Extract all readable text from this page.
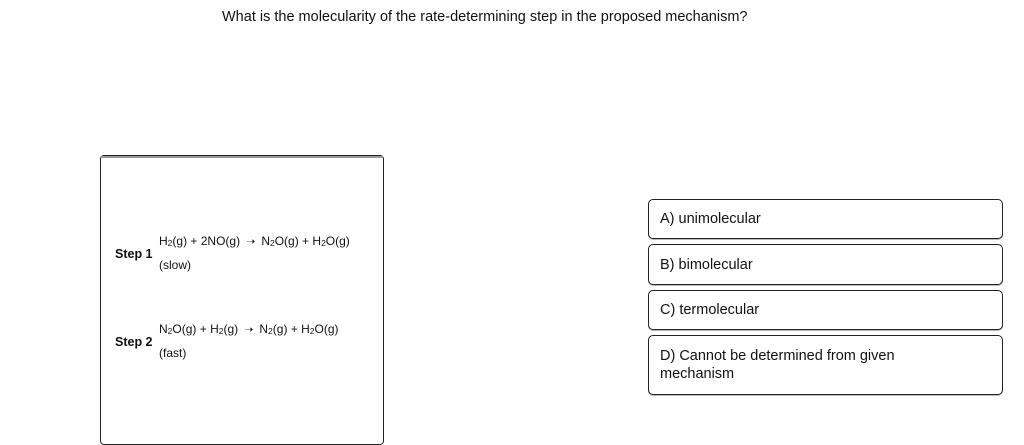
What is the molecularity of the rate-determining step in the proposed mechanism?
Step 1
$H_2(g) + 2NO(g)$ ➝ $N_2O(g) + H_2O(g)$
(slow)
Step 2
$N_2O(g) + H_2(g)$ ➝ $N_2(g) + H_2O(g)$
(fast)
A) unimolecular
B) bimolecular
C) termolecular
D) Cannot be determined from given mechanism
